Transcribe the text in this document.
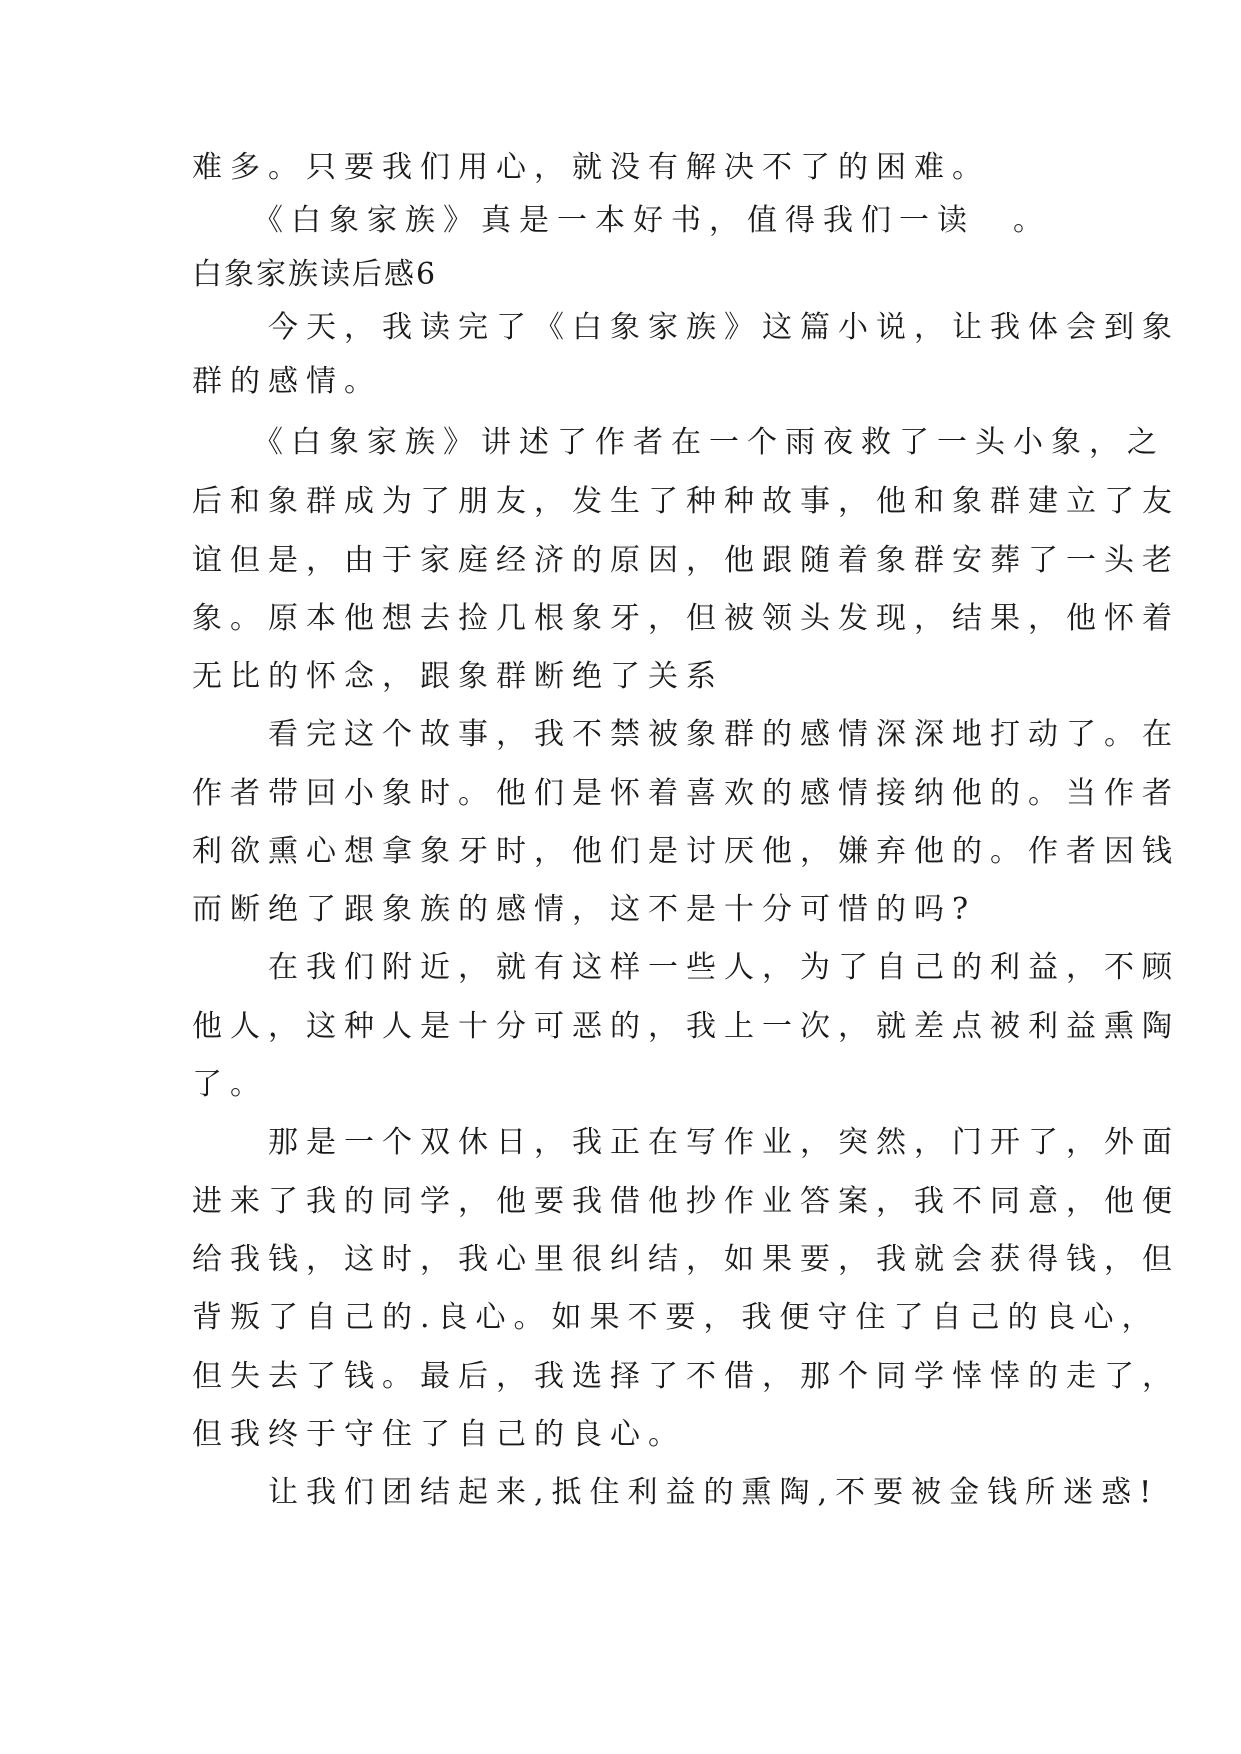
难多。只要我们用心，就没有解决不了的困难。
　　《白象家族》真是一本好书，值得我们一读　。
白象家族读后感6
　　今天，我读完了《白象家族》这篇小说，让我体会到象
群的感情。
　　《白象家族》讲述了作者在一个雨夜救了一头小象，之
后和象群成为了朋友，发生了种种故事，他和象群建立了友
谊但是，由于家庭经济的原因，他跟随着象群安葬了一头老
象。原本他想去捡几根象牙，但被领头发现，结果，他怀着
无比的怀念，跟象群断绝了关系
　　看完这个故事，我不禁被象群的感情深深地打动了。在
作者带回小象时。他们是怀着喜欢的感情接纳他的。当作者
利欲熏心想拿象牙时，他们是讨厌他，嫌弃他的。作者因钱
而断绝了跟象族的感情，这不是十分可惜的吗?
　　在我们附近，就有这样一些人，为了自己的利益，不顾
他人，这种人是十分可恶的，我上一次，就差点被利益熏陶
了。
　　那是一个双休日，我正在写作业，突然，门开了，外面
进来了我的同学，他要我借他抄作业答案，我不同意，他便
给我钱，这时，我心里很纠结，如果要，我就会获得钱，但
背叛了自己的.良心。如果不要，我便守住了自己的良心，
但失去了钱。最后，我选择了不借，那个同学悻悻的走了，
但我终于守住了自己的良心。
　　让我们团结起来,抵住利益的熏陶,不要被金钱所迷惑!
